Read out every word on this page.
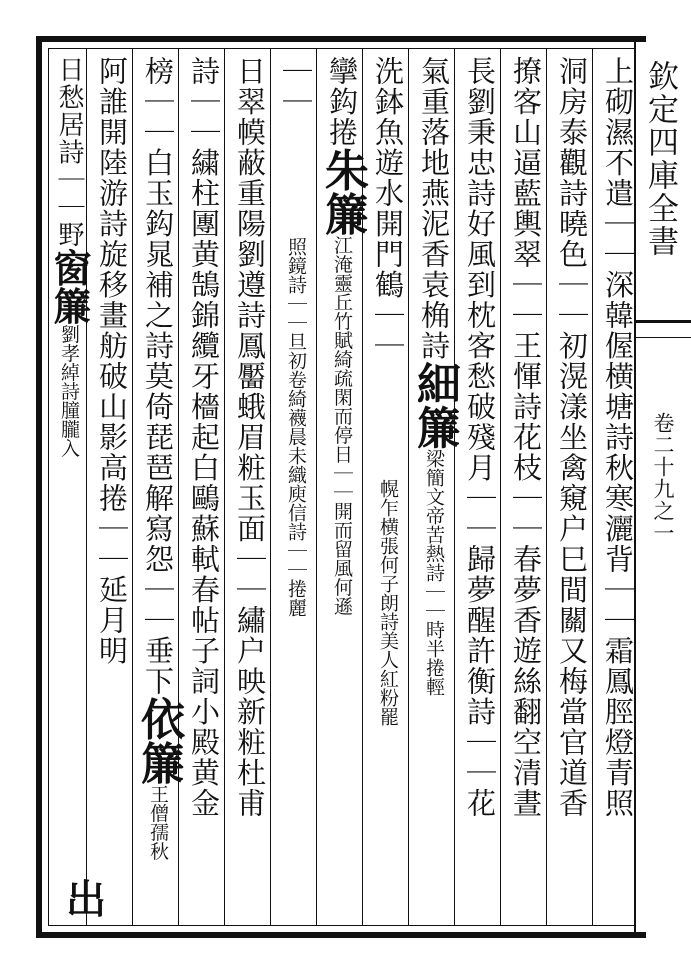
欽定四庫全書
卷二十九之一
上砌濕不遣｜｜深韓偓横塘詩秋寒灑背｜｜霜鳳脛燈青照
洞房泰觀詩曉色｜｜初滉漾坐禽窺户巳間關又梅當官道香
撩客山逼藍輿翠｜｜王惲詩花枝｜｜春夢香遊絲翻空清晝
長劉秉忠詩好風到枕客愁破殘月｜｜歸夢醒許衡詩｜｜花
氣重落地燕泥香袁桷詩細簾梁簡文帝苦熱詩｜｜時半捲輕
洗鉢魚遊水開門鶴｜｜幌乍横張何子朗詩美人紅粉罷
攣鈎捲朱簾江淹靈丘竹賦綺疏閑而停日｜｜開而留風何遜
｜｜照鏡詩｜｜旦初卷綺襪晨未織庾信詩｜｜捲麗
日翠幙蔽重陽劉遵詩鳳靨蛾眉粧玉面｜｜繡户映新粧杜甫
詩｜｜繍柱團黄鵠錦纜牙檣起白鷗蘇軾春帖子詞小殿黄金
榜｜｜白玉鈎晁補之詩莫倚琵琶解寫怨｜｜垂下依簾王僧孺秋
阿誰開陸游詩旋移畫舫破山影高捲｜｜延月明
日愁居詩｜｜野窗簾劉孝綽詩朣朧入
出
